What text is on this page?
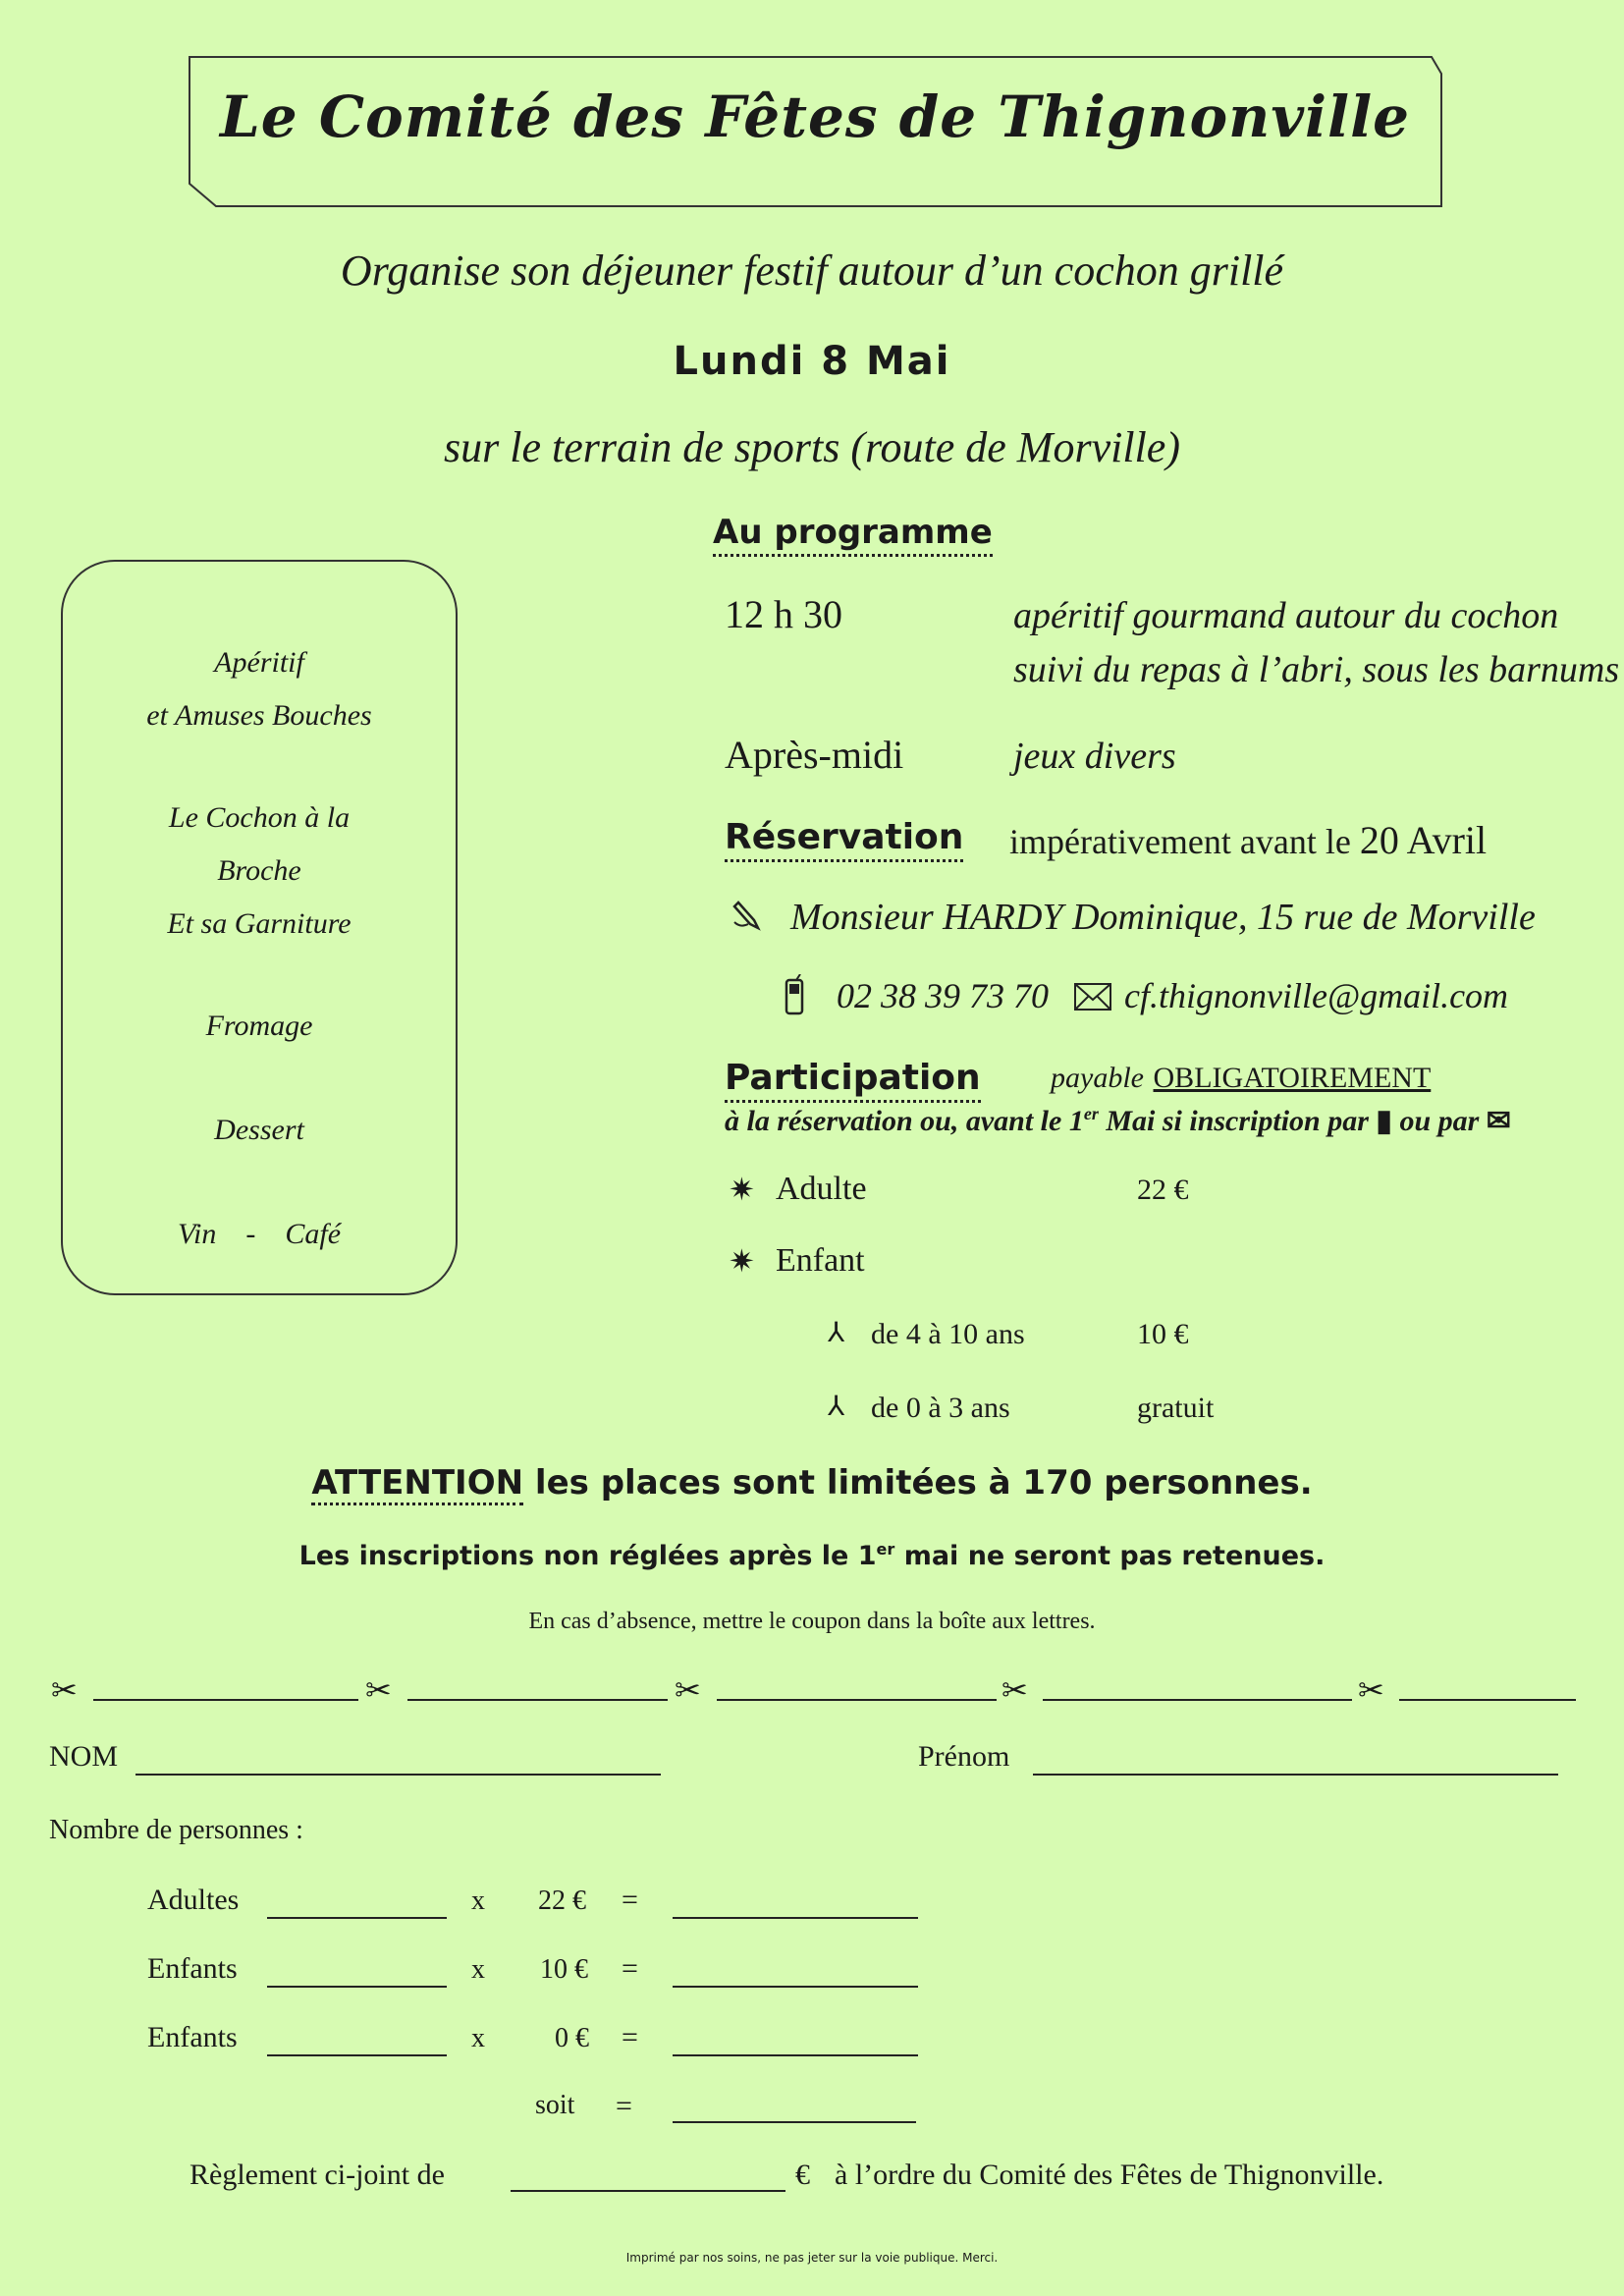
Le Comité des Fêtes de Thignonville
Organise son déjeuner festif autour d’un cochon grillé
Lundi 8 Mai
sur le terrain de sports (route de Morville)
Au programme
Apéritif
et Amuses Bouches
Le Cochon à la
Broche
Et sa Garniture
Fromage
Dessert
Vin - Café
12 h 30	apéritif gourmand autour du cochon
suivi du repas à l’abri, sous les barnums
Après-midi	jeux divers
Réservation impérativement avant le 20 Avril
Monsieur HARDY Dominique, 15 rue de Morville
02 38 39 73 70 cf.thignonville@gmail.com
Participation payable OBLIGATOIREMENT
à la réservation ou, avant le 1er Mai si inscription par ▮ ou par ✉
✷ Adulte	22 €
✷ Enfant
⅄ de 4 à 10 ans	10 €
⅄ de 0 à 3 ans	gratuit
ATTENTION les places sont limitées à 170 personnes.
Les inscriptions non réglées après le 1er mai ne seront pas retenues.
En cas d’absence, mettre le coupon dans la boîte aux lettres.
✂	✂	✂	✂	✂
NOM	Prénom
Nombre de personnes :
Adultes	x 22 € =
Enfants	x 10 € =
Enfants	x	0 € =
soit =
Règlement ci-joint de	€ à l’ordre du Comité des Fêtes de Thignonville.
Imprimé par nos soins, ne pas jeter sur la voie publique. Merci.
